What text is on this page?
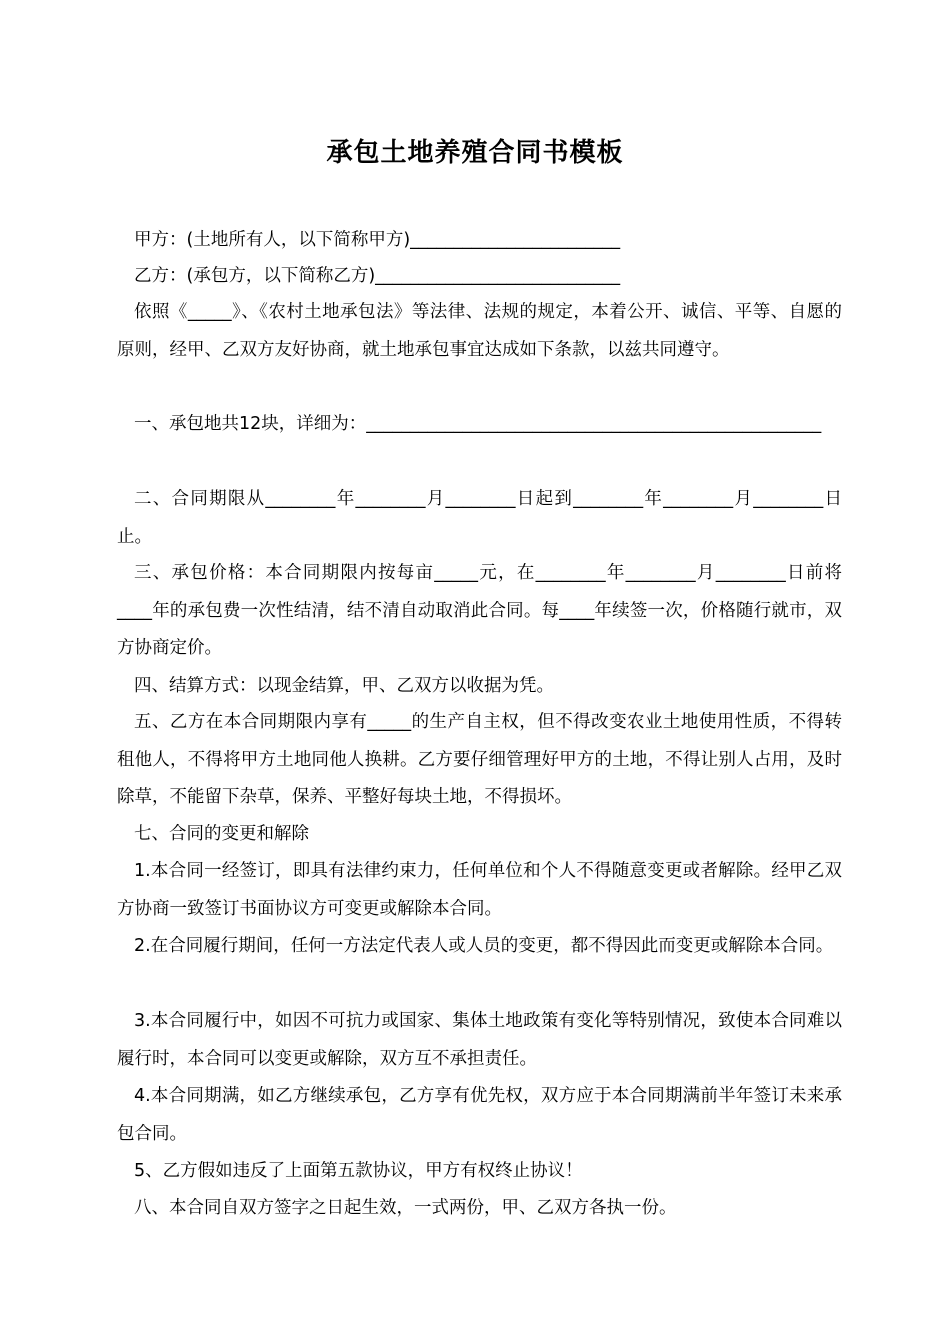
承包土地养殖合同书模板
甲方：(土地所有人，以下简称甲方)________________________
乙方：(承包方，以下简称乙方)____________________________
依照《_____》、《农村土地承包法》等法律、法规的规定，本着公开、诚信、平等、自愿的原则，经甲、乙双方友好协商，就土地承包事宜达成如下条款，以兹共同遵守。
一、承包地共12块，详细为：____________________________________________________
二、合同期限从________年________月________日起到________年________月________日止。
三、承包价格：本合同期限内按每亩_____元，在________年________月________日前将____年的承包费一次性结清，结不清自动取消此合同。每____年续签一次，价格随行就市，双方协商定价。
四、结算方式：以现金结算，甲、乙双方以收据为凭。
五、乙方在本合同期限内享有_____的生产自主权，但不得改变农业土地使用性质，不得转租他人，不得将甲方土地同他人换耕。乙方要仔细管理好甲方的土地，不得让别人占用，及时除草，不能留下杂草，保养、平整好每块土地，不得损坏。
七、合同的变更和解除
1.本合同一经签订，即具有法律约束力，任何单位和个人不得随意变更或者解除。经甲乙双方协商一致签订书面协议方可变更或解除本合同。
2.在合同履行期间，任何一方法定代表人或人员的变更，都不得因此而变更或解除本合同。
3.本合同履行中，如因不可抗力或国家、集体土地政策有变化等特别情况，致使本合同难以履行时，本合同可以变更或解除，双方互不承担责任。
4.本合同期满，如乙方继续承包，乙方享有优先权，双方应于本合同期满前半年签订未来承包合同。
5、乙方假如违反了上面第五款协议，甲方有权终止协议！
八、本合同自双方签字之日起生效，一式两份，甲、乙双方各执一份。
